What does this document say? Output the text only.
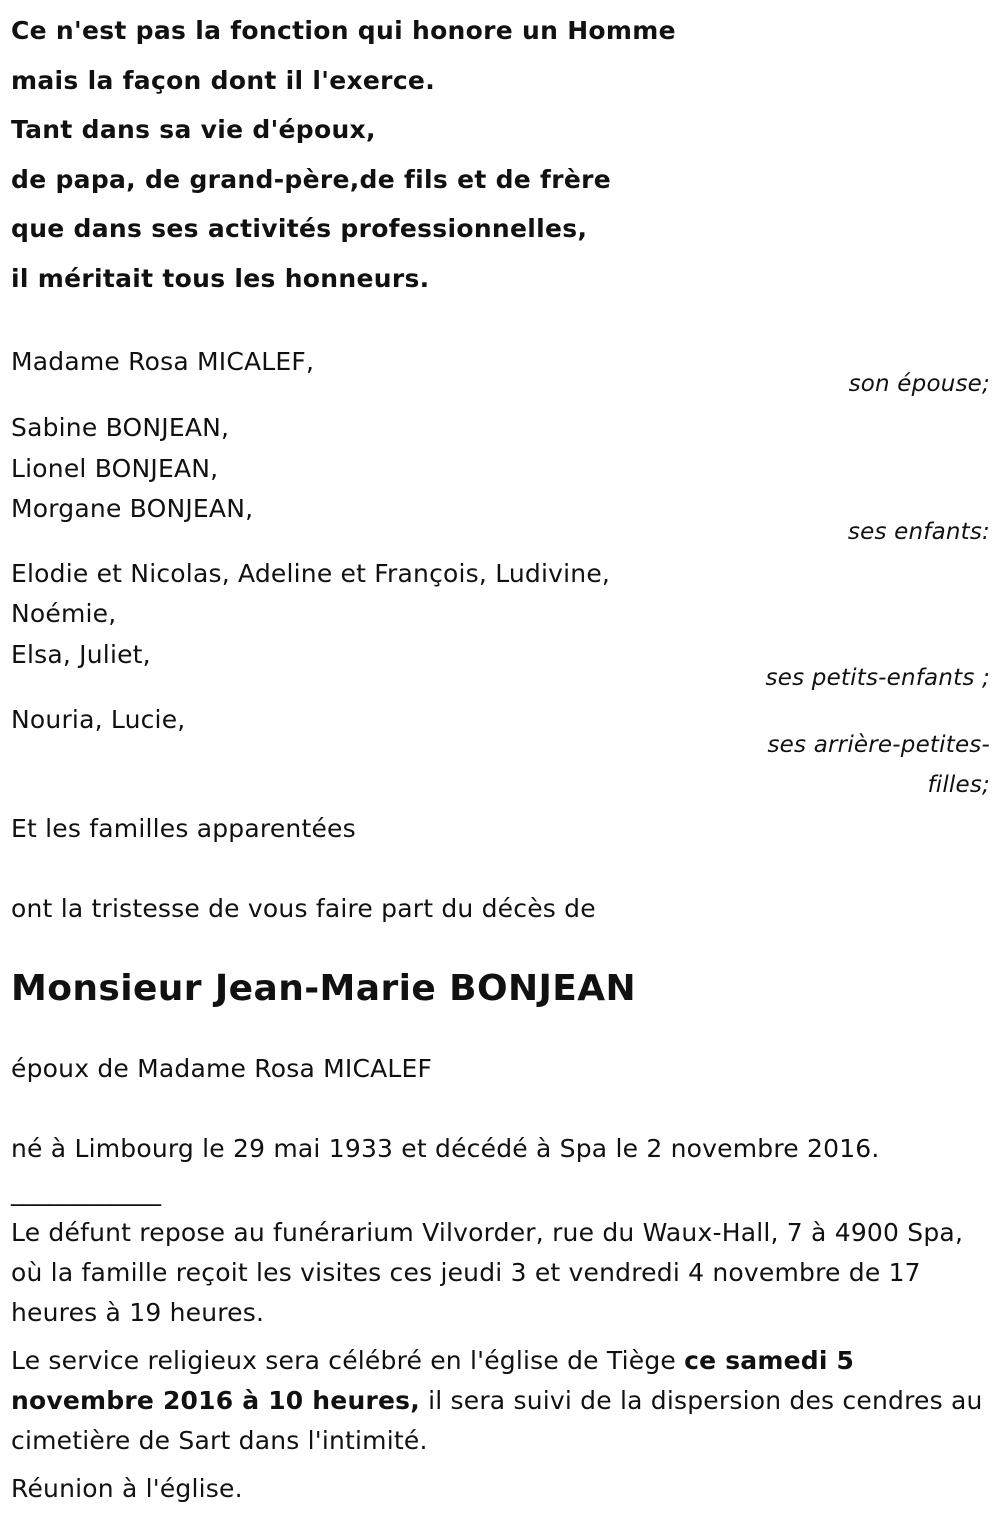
Ce n'est pas la fonction qui honore un Homme
mais la façon dont il l'exerce.
Tant dans sa vie d'époux,
de papa, de grand-père,de fils et de frère
que dans ses activités professionnelles,
il méritait tous les honneurs.
Madame Rosa MICALEF,
son épouse;
Sabine BONJEAN,
Lionel BONJEAN,
Morgane BONJEAN,
ses enfants:
Elodie et Nicolas, Adeline et François, Ludivine,
Noémie,
Elsa, Juliet,
ses petits-enfants ;
Nouria, Lucie,
ses arrière-petites-
filles;

Et les familles apparentées

ont la tristesse de vous faire part du décès de

Monsieur Jean-Marie BONJEAN

époux de Madame Rosa MICALEF

né à Limbourg le 29 mai 1933 et décédé à Spa le 2 novembre 2016.

____________

Le défunt repose au funérarium Vilvorder, rue du Waux-Hall, 7 à 4900 Spa, où la famille reçoit les visites ces jeudi 3 et vendredi 4 novembre de 17 heures à 19 heures.

Le service religieux sera célébré en l'église de Tiège ce samedi 5 novembre 2016 à 10 heures, il sera suivi de la dispersion des cendres au cimetière de Sart dans l'intimité.

Réunion à l'église.
